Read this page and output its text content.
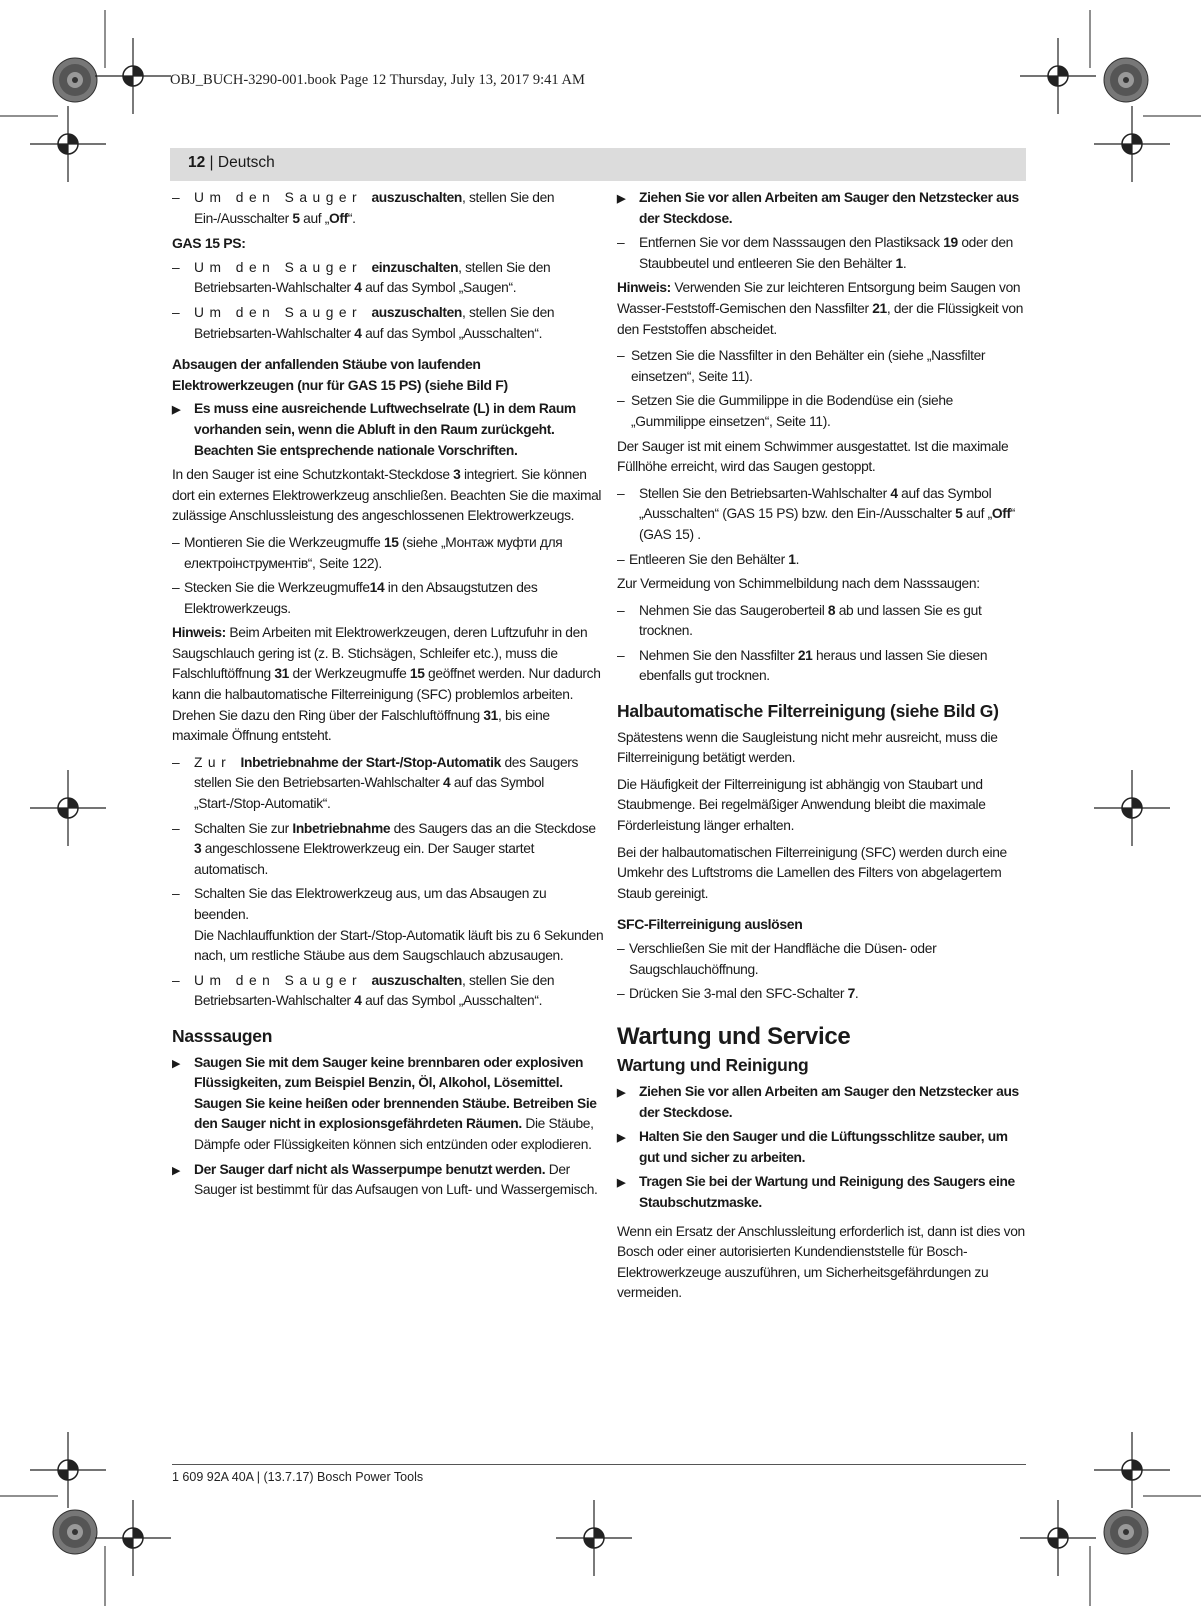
OBJ_BUCH-3290-001.book Page 12 Thursday, July 13, 2017 9:41 AM
12 | Deutsch
– Um den Sauger auszuschalten, stellen Sie den Ein-/Ausschalter 5 auf „Off“.
GAS 15 PS:
– Um den Sauger einzuschalten, stellen Sie den Betriebsarten-Wahlschalter 4 auf das Symbol „Saugen“.
– Um den Sauger auszuschalten, stellen Sie den Betriebsarten-Wahlschalter 4 auf das Symbol „Ausschalten“.
Absaugen der anfallenden Stäube von laufenden Elektrowerkzeugen (nur für GAS 15 PS) (siehe Bild F)
▶ Es muss eine ausreichende Luftwechselrate (L) in dem Raum vorhanden sein, wenn die Abluft in den Raum zurückgeht. Beachten Sie entsprechende nationale Vorschriften.

In den Sauger ist eine Schutzkontakt-Steckdose 3 integriert. Sie können dort ein externes Elektrowerkzeug anschließen. Beachten Sie die maximal zulässige Anschlussleistung des angeschlossenen Elektrowerkzeugs.

– Montieren Sie die Werkzeugmuffe 15 (siehe „Монтаж муфти для електроінструментів“, Seite 122).
– Stecken Sie die Werkzeugmuffe14 in den Absaugstutzen des Elektrowerkzeugs.

Hinweis: Beim Arbeiten mit Elektrowerkzeugen, deren Luftzufuhr in den Saugschlauch gering ist (z. B. Stichsägen, Schleifer etc.), muss die Falschluftöffnung 31 der Werkzeugmuffe 15 geöffnet werden. Nur dadurch kann die halbautomatische Filterreinigung (SFC) problemlos arbeiten.

Drehen Sie dazu den Ring über der Falschluftöffnung 31, bis eine maximale Öffnung entsteht.

– Zur Inbetriebnahme der Start-/Stop-Automatik des Saugers stellen Sie den Betriebsarten-Wahlschalter 4 auf das Symbol „Start-/Stop-Automatik“.
– Schalten Sie zur Inbetriebnahme des Saugers das an die Steckdose 3 angeschlossene Elektrowerkzeug ein. Der Sauger startet automatisch.
– Schalten Sie das Elektrowerkzeug aus, um das Absaugen zu beenden.
Die Nachlauffunktion der Start-/Stop-Automatik läuft bis zu 6 Sekunden nach, um restliche Stäube aus dem Saugschlauch abzusaugen.
– Um den Sauger auszuschalten, stellen Sie den Betriebsarten-Wahlschalter 4 auf das Symbol „Ausschalten“.
Nasssaugen
▶ Saugen Sie mit dem Sauger keine brennbaren oder explosiven Flüssigkeiten, zum Beispiel Benzin, Öl, Alkohol, Lösemittel. Saugen Sie keine heißen oder brennenden Stäube. Betreiben Sie den Sauger nicht in explosionsgefährdeten Räumen. Die Stäube, Dämpfe oder Flüssigkeiten können sich entzünden oder explodieren.
▶ Der Sauger darf nicht als Wasserpumpe benutzt werden. Der Sauger ist bestimmt für das Aufsaugen von Luft- und Wassergemisch.
▶ Ziehen Sie vor allen Arbeiten am Sauger den Netzstecker aus der Steckdose.
– Entfernen Sie vor dem Nasssaugen den Plastiksack 19 oder den Staubbeutel und entleeren Sie den Behälter 1.

Hinweis: Verwenden Sie zur leichteren Entsorgung beim Saugen von Wasser-Feststoff-Gemischen den Nassfilter 21, der die Flüssigkeit von den Feststoffen abscheidet.

– Setzen Sie die Nassfilter in den Behälter ein (siehe „Nassfilter einsetzen“, Seite 11).
– Setzen Sie die Gummilippe in die Bodendüse ein (siehe „Gummilippe einsetzen“, Seite 11).

Der Sauger ist mit einem Schwimmer ausgestattet. Ist die maximale Füllhöhe erreicht, wird das Saugen gestoppt.

– Stellen Sie den Betriebsarten-Wahlschalter 4 auf das Symbol „Ausschalten“ (GAS 15 PS) bzw. den Ein-/Ausschalter 5 auf „Off“ (GAS 15) .
– Entleeren Sie den Behälter 1.

Zur Vermeidung von Schimmelbildung nach dem Nasssaugen:

– Nehmen Sie das Saugeroberteil 8 ab und lassen Sie es gut trocknen.
– Nehmen Sie den Nassfilter 21 heraus und lassen Sie diesen ebenfalls gut trocknen.
Halbautomatische Filterreinigung (siehe Bild G)

Spätestens wenn die Saugleistung nicht mehr ausreicht, muss die Filterreinigung betätigt werden.

Die Häufigkeit der Filterreinigung ist abhängig von Staubart und Staubmenge. Bei regelmäßiger Anwendung bleibt die maximale Förderleistung länger erhalten.

Bei der halbautomatischen Filterreinigung (SFC) werden durch eine Umkehr des Luftstroms die Lamellen des Filters von abgelagertem Staub gereinigt.

SFC-Filterreinigung auslösen
– Verschließen Sie mit der Handfläche die Düsen- oder Saugschlauchöffnung.
– Drücken Sie 3-mal den SFC-Schalter 7.
Wartung und Service
Wartung und Reinigung
▶ Ziehen Sie vor allen Arbeiten am Sauger den Netzstecker aus der Steckdose.
▶ Halten Sie den Sauger und die Lüftungsschlitze sauber, um gut und sicher zu arbeiten.
▶ Tragen Sie bei der Wartung und Reinigung des Saugers eine Staubschutzmaske.

Wenn ein Ersatz der Anschlussleitung erforderlich ist, dann ist dies von Bosch oder einer autorisierten Kundendienststelle für Bosch-Elektrowerkzeuge auszuführen, um Sicherheitsgefährdungen zu vermeiden.

1 609 92A 40A | (13.7.17) Bosch Power Tools
